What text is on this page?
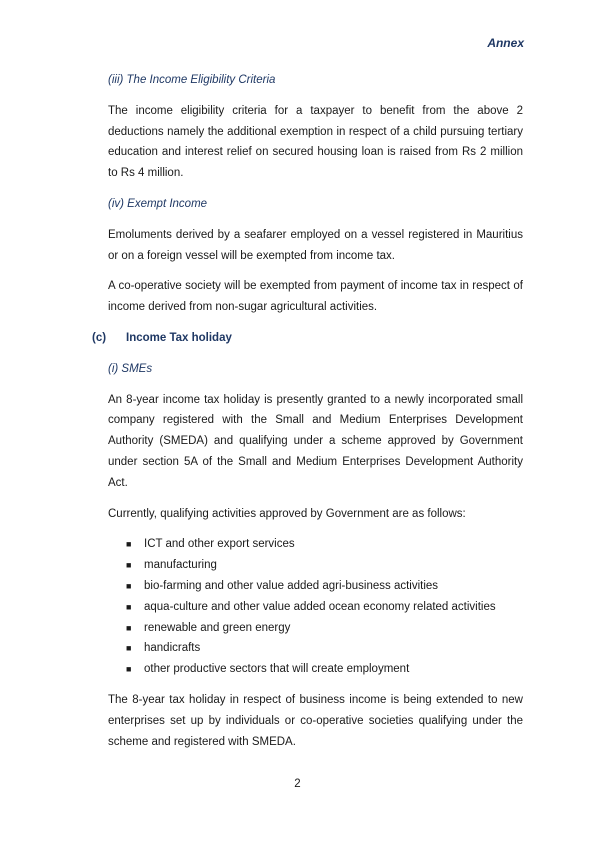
Annex
(iii) The Income Eligibility Criteria

The income eligibility criteria for a taxpayer to benefit from the above 2 deductions namely the additional exemption in respect of a child pursuing tertiary education and interest relief on secured housing loan is raised from Rs 2 million to Rs 4 million.

(iv) Exempt Income

Emoluments derived by a seafarer employed on a vessel registered in Mauritius or on a foreign vessel will be exempted from income tax.

A co-operative society will be exempted from payment of income tax in respect of income derived from non-sugar agricultural activities.

(c) Income Tax holiday
(i) SMEs

An 8-year income tax holiday is presently granted to a newly incorporated small company registered with the Small and Medium Enterprises Development Authority (SMEDA) and qualifying under a scheme approved by Government under section 5A of the Small and Medium Enterprises Development Authority Act.

Currently, qualifying activities approved by Government are as follows:

■ ICT and other export services
■ manufacturing
■ bio-farming and other value added agri-business activities
■ aqua-culture and other value added ocean economy related activities
■ renewable and green energy
■ handicrafts
■ other productive sectors that will create employment

The 8-year tax holiday in respect of business income is being extended to new enterprises set up by individuals or co-operative societies qualifying under the scheme and registered with SMEDA.

2
